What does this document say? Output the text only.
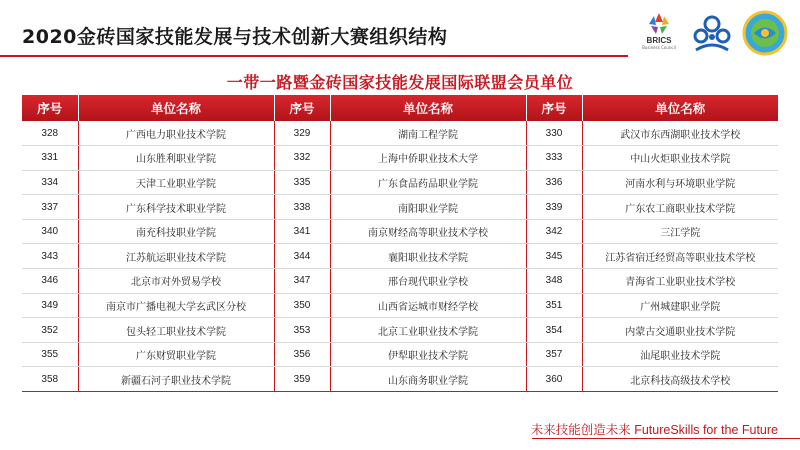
2020金砖国家技能发展与技术创新大赛组织结构	BRICS
Business Council
一带一路暨金砖国家技能发展国际联盟会员单位
序号	单位名称	序号	单位名称	序号	单位名称
328	广西电力职业技术学院	329	湖南工程学院	330	武汉市东西湖职业技术学校
331	山东胜利职业学院	332	上海中侨职业技术大学	333	中山火炬职业技术学院
334	天津工业职业学院	335	广东食品药品职业学院	336	河南水利与环境职业学院
337	广东科学技术职业学院	338	南阳职业学院	339	广东农工商职业技术学院
340	南充科技职业学院	341	南京财经高等职业技术学校	342	三江学院
343	江苏航运职业技术学院	344	襄阳职业技术学院	345	江苏省宿迁经贸高等职业技术学校
346	北京市对外贸易学校	347	邢台现代职业学校	348	青海省工业职业技术学校
349	南京市广播电视大学玄武区分校	350	山西省运城市财经学校	351	广州城建职业学院
352	包头轻工职业技术学院	353	北京工业职业技术学院	354	内蒙古交通职业技术学院
355	广东财贸职业学院	356	伊犁职业技术学院	357	汕尾职业技术学院
358	新疆石河子职业技术学院	359	山东商务职业学院	360	北京科技高级技术学校
未来技能创造未来 FutureSkills for the Future
